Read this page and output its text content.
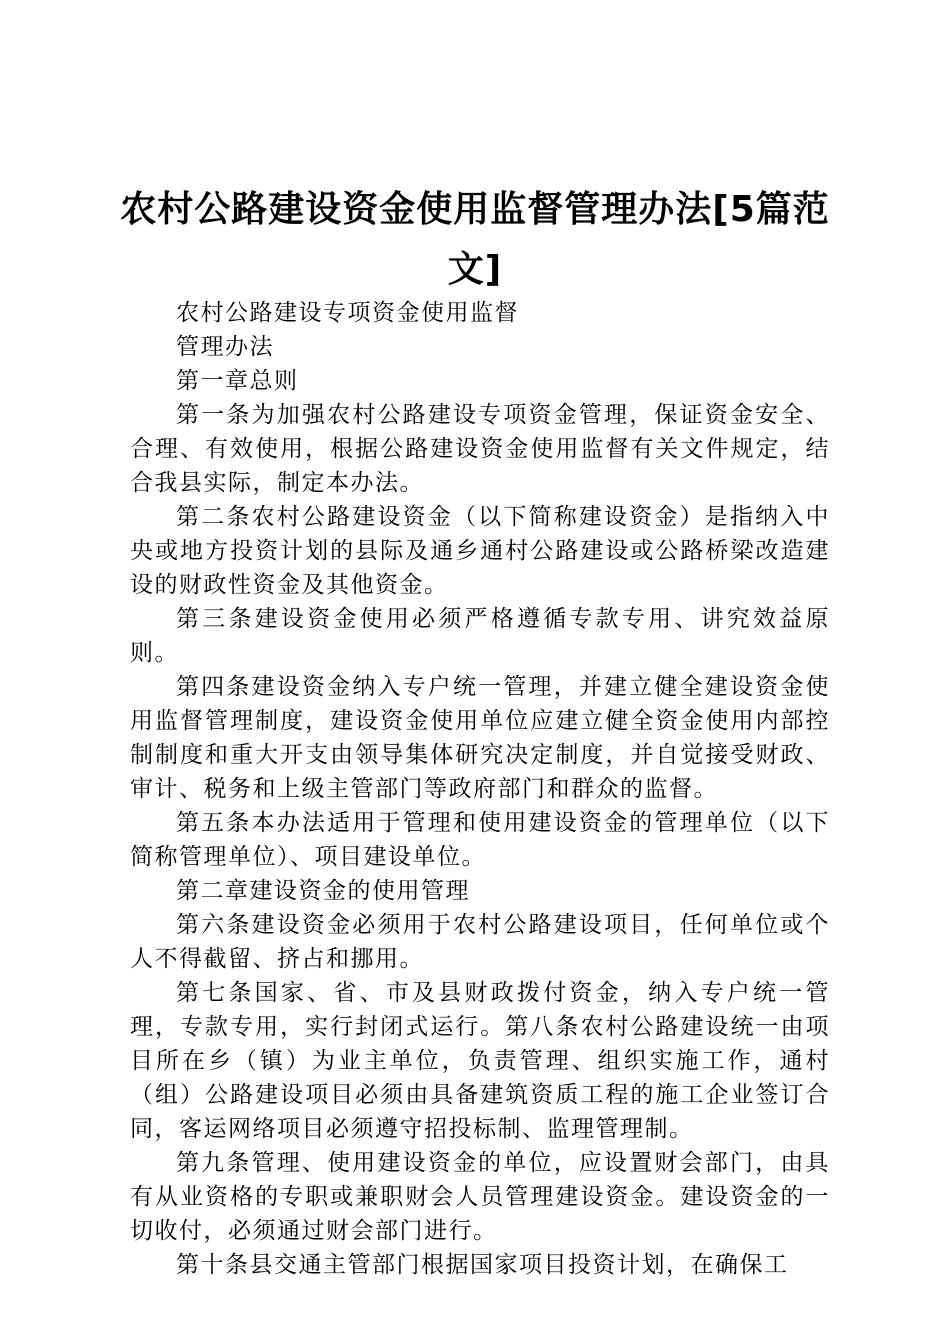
农村公路建设资金使用监督管理办法[5篇范文]

农村公路建设专项资金使用监督

管理办法

第一章总则

第一条为加强农村公路建设专项资金管理，保证资金安全、合理、有效使用，根据公路建设资金使用监督有关文件规定，结合我县实际，制定本办法。

第二条农村公路建设资金（以下简称建设资金）是指纳入中央或地方投资计划的县际及通乡通村公路建设或公路桥梁改造建设的财政性资金及其他资金。

第三条建设资金使用必须严格遵循专款专用、讲究效益原则。

第四条建设资金纳入专户统一管理，并建立健全建设资金使用监督管理制度，建设资金使用单位应建立健全资金使用内部控制制度和重大开支由领导集体研究决定制度，并自觉接受财政、审计、税务和上级主管部门等政府部门和群众的监督。

第五条本办法适用于管理和使用建设资金的管理单位（以下简称管理单位）、项目建设单位。

第二章建设资金的使用管理

第六条建设资金必须用于农村公路建设项目，任何单位或个人不得截留、挤占和挪用。

第七条国家、省、市及县财政拨付资金，纳入专户统一管理，专款专用，实行封闭式运行。第八条农村公路建设统一由项目所在乡（镇）为业主单位，负责管理、组织实施工作，通村（组）公路建设项目必须由具备建筑资质工程的施工企业签订合同，客运网络项目必须遵守招投标制、监理管理制。

第九条管理、使用建设资金的单位，应设置财会部门，由具有从业资格的专职或兼职财会人员管理建设资金。建设资金的一切收付，必须通过财会部门进行。

第十条县交通主管部门根据国家项目投资计划，在确保工
